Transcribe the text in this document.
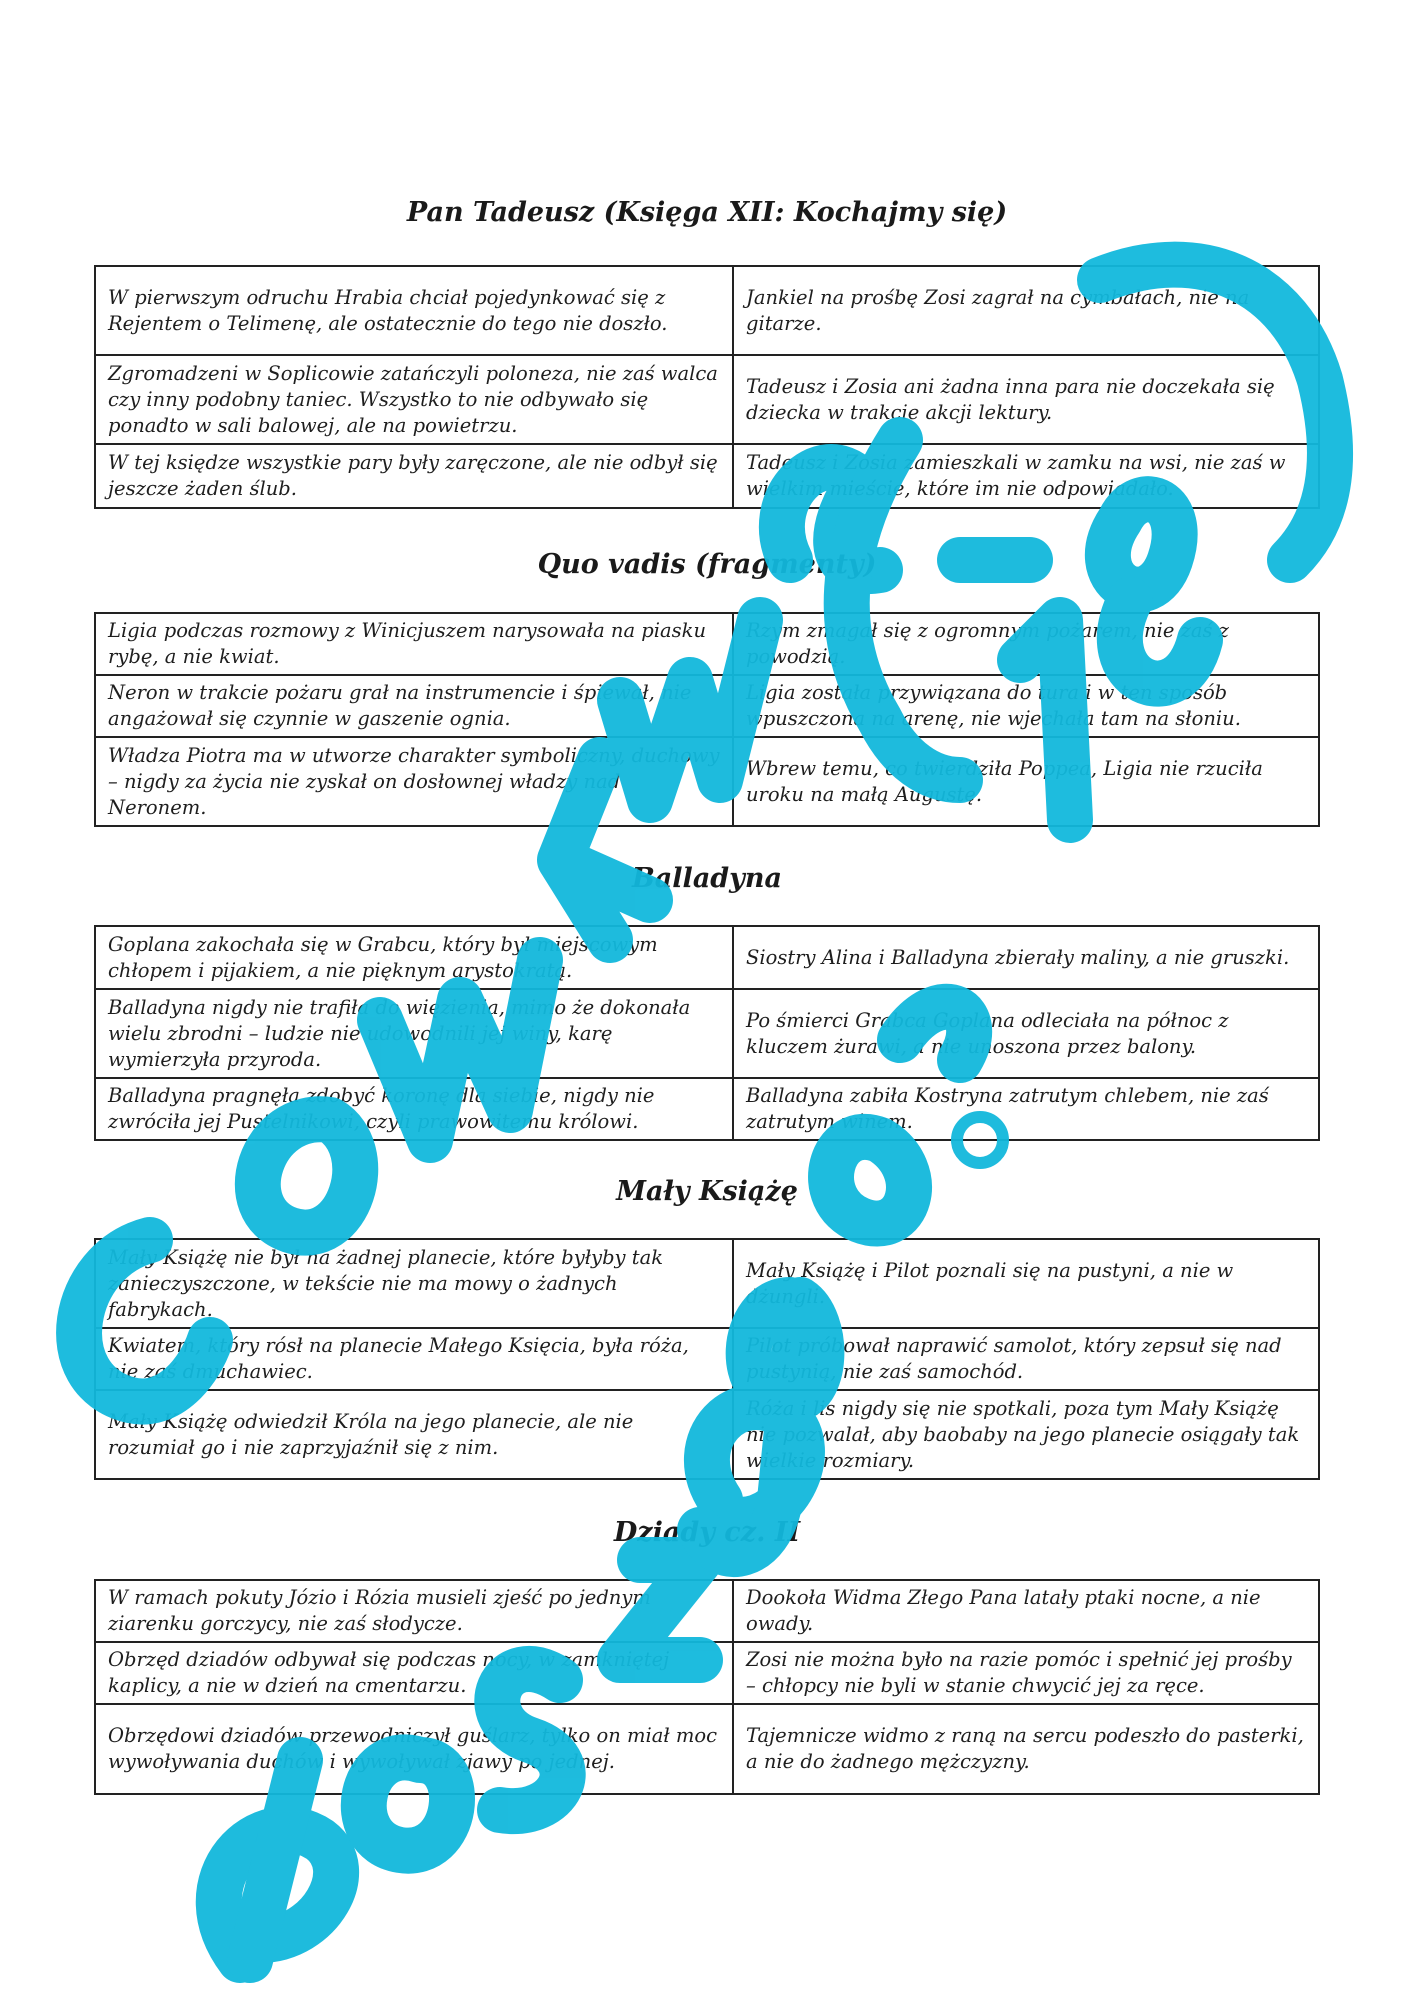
Pan Tadeusz (Księga XII: Kochajmy się)
W pierwszym odruchu Hrabia chciał pojedynkować się z Rejentem o Telimenę, ale ostatecznie do tego nie doszło.	Jankiel na prośbę Zosi zagrał na cymbałach, nie na gitarze.
Zgromadzeni w Soplicowie zatańczyli poloneza, nie zaś walca czy inny podobny taniec. Wszystko to nie odbywało się ponadto w sali balowej, ale na powietrzu.	Tadeusz i Zosia ani żadna inna para nie doczekała się dziecka w trakcie akcji lektury.
W tej księdze wszystkie pary były zaręczone, ale nie odbył się jeszcze żaden ślub.	Tadeusz i Zosia zamieszkali w zamku na wsi, nie zaś w wielkim mieście, które im nie odpowiadało.
Quo vadis (fragmenty)
Ligia podczas rozmowy z Winicjuszem narysowała na piasku rybę, a nie kwiat.	Rzym zmagał się z ogromnym pożarem, nie zaś z powodzią.
Neron w trakcie pożaru grał na instrumencie i śpiewał, nie angażował się czynnie w gaszenie ognia.	Ligia została przywiązana do tura i w ten sposób wpuszczona na arenę, nie wjechała tam na słoniu.
Władza Piotra ma w utworze charakter symboliczny, duchowy – nigdy za życia nie zyskał on dosłownej władzy nad Neronem.	Wbrew temu, co twierdziła Poppea, Ligia nie rzuciła uroku na małą Augustę.
Balladyna
Goplana zakochała się w Grabcu, który był miejscowym chłopem i pijakiem, a nie pięknym arystokratą.	Siostry Alina i Balladyna zbierały maliny, a nie gruszki.
Balladyna nigdy nie trafiła do więzienia, mimo że dokonała wielu zbrodni – ludzie nie udowodnili jej winy, karę wymierzyła przyroda.	Po śmierci Grabca Goplana odleciała na północ z kluczem żurawi, a nie unoszona przez balony.
Balladyna pragnęła zdobyć koronę dla siebie, nigdy nie zwróciła jej Pustelnikowi, czyli prawowitemu królowi.	Balladyna zabiła Kostryna zatrutym chlebem, nie zaś zatrutym winem.
Mały Książę
Mały Książę nie był na żadnej planecie, które byłyby tak zanieczyszczone, w tekście nie ma mowy o żadnych fabrykach.	Mały Książę i Pilot poznali się na pustyni, a nie w dżungli.
Kwiatem, który rósł na planecie Małego Księcia, była róża, nie zaś dmuchawiec.	Pilot próbował naprawić samolot, który zepsuł się nad pustynią, nie zaś samochód.
Mały Książę odwiedził Króla na jego planecie, ale nie rozumiał go i nie zaprzyjaźnił się z nim.	Róża i lis nigdy się nie spotkali, poza tym Mały Książę nie pozwalał, aby baobaby na jego planecie osiągały tak wielkie rozmiary.
Dziady cz. II
W ramach pokuty Józio i Rózia musieli zjeść po jednym ziarenku gorczycy, nie zaś słodycze.	Dookoła Widma Złego Pana latały ptaki nocne, a nie owady.
Obrzęd dziadów odbywał się podczas nocy, w zamkniętej kaplicy, a nie w dzień na cmentarzu.	Zosi nie można było na razie pomóc i spełnić jej prośby – chłopcy nie byli w stanie chwycić jej za ręce.
Obrzędowi dziadów przewodniczył guślarz, tylko on miał moc wywoływania duchów i wywoływał zjawy po jednej.	Tajemnicze widmo z raną na sercu podeszło do pasterki, a nie do żadnego mężczyzny.
